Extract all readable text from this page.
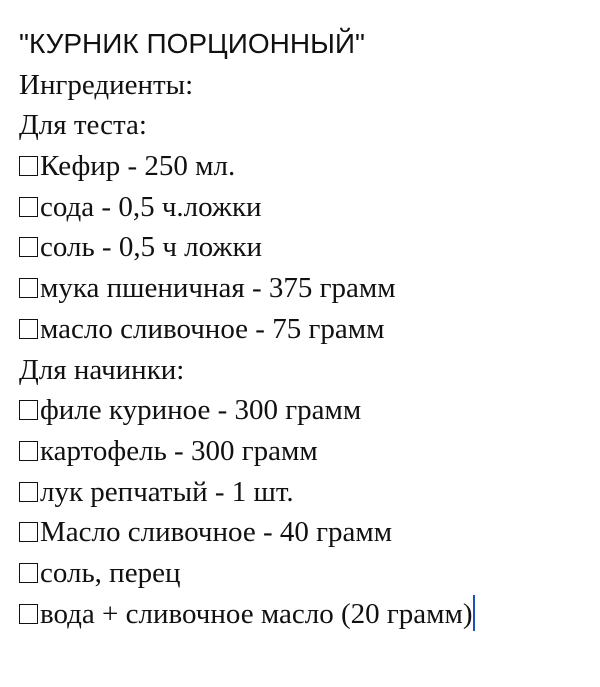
"КУРНИК ПОРЦИОННЫЙ"
Ингредиенты:
Для теста:
Кефир - 250 мл.
сода - 0,5 ч.ложки
соль - 0,5 ч ложки
мука пшеничная - 375 грамм
масло сливочное - 75 грамм
Для начинки:
филе куриное - 300 грамм
картофель - 300 грамм
лук репчатый - 1 шт.
Масло сливочное - 40 грамм
соль, перец
вода + сливочное масло (20 грамм)
